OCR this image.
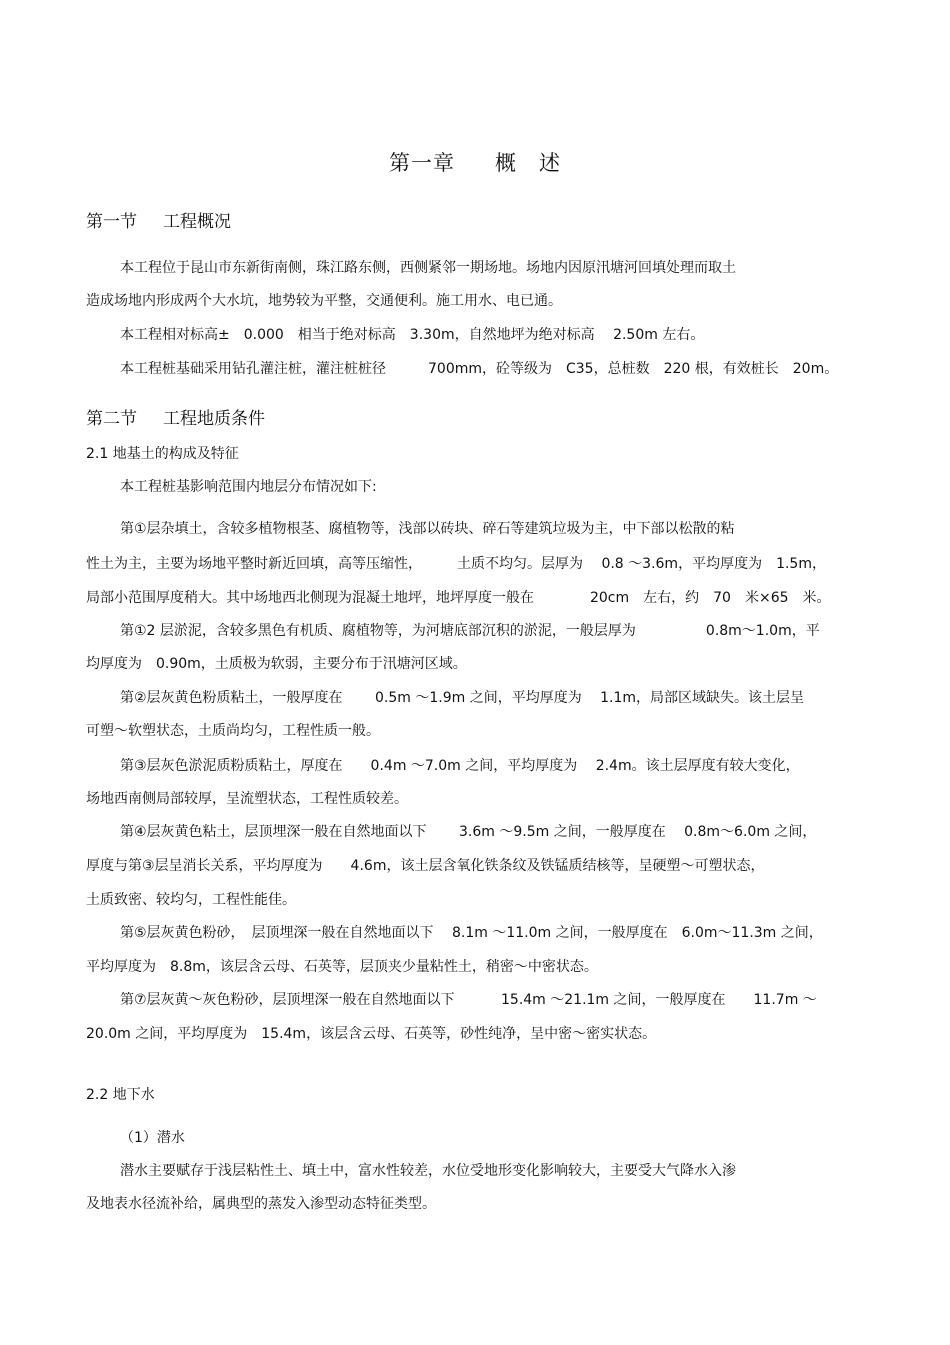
第一章 概　述
第一节 工程概况
本工程位于昆山市东新街南侧，珠江路东侧，西侧紧邻一期场地。场地内因原汛塘河回填处理而取土
造成场地内形成两个大水坑，地势较为平整，交通便利。施工用水、电已通。
本工程相对标高±　0.000　相当于绝对标高　3.30m，自然地坪为绝对标高　 2.50m 左右。
本工程桩基础采用钻孔灌注桩，灌注桩桩径　　　700mm，砼等级为　C35，总桩数　220 根，有效桩长　20m。
第二节 工程地质条件
2.1 地基土的构成及特征
本工程桩基影响范围内地层分布情况如下:
第①层杂填土，含较多植物根茎、腐植物等，浅部以砖块、碎石等建筑垃圾为主，中下部以松散的粘
性土为主，主要为场地平整时新近回填，高等压缩性，　　　土质不均匀。层厚为　 0.8 ～3.6m，平均厚度为　1.5m，
局部小范围厚度稍大。其中场地西北侧现为混凝土地坪，地坪厚度一般在　　　　20cm　左右，约　70　米×65　米。
第①2 层淤泥，含较多黑色有机质、腐植物等，为河塘底部沉积的淤泥，一般层厚为　　　　　0.8m～1.0m，平
均厚度为　0.90m，土质极为软弱，主要分布于汛塘河区域。
第②层灰黄色粉质粘土，一般厚度在　　 0.5m ～1.9m 之间，平均厚度为　 1.1m，局部区域缺失。该土层呈
可塑～软塑状态，土质尚均匀，工程性质一般。
第③层灰色淤泥质粉质粘土，厚度在　　0.4m ～7.0m 之间，平均厚度为　 2.4m。该土层厚度有较大变化，
场地西南侧局部较厚，呈流塑状态，工程性质较差。
第④层灰黄色粘土，层顶埋深一般在自然地面以下　　 3.6m ～9.5m 之间，一般厚度在　 0.8m～6.0m 之间，
厚度与第③层呈消长关系，平均厚度为　　4.6m，该土层含氧化铁条纹及铁锰质结核等，呈硬塑～可塑状态，
土质致密、较均匀，工程性能佳。
第⑤层灰黄色粉砂，　层顶埋深一般在自然地面以下　 8.1m ～11.0m 之间，一般厚度在　6.0m～11.3m 之间，
平均厚度为　8.8m，该层含云母、石英等，层顶夹少量粘性土，稍密～中密状态。
第⑦层灰黄～灰色粉砂，层顶埋深一般在自然地面以下　　　 15.4m ～21.1m 之间，一般厚度在　　11.7m ～
20.0m 之间，平均厚度为　15.4m，该层含云母、石英等，砂性纯净，呈中密～密实状态。
2.2 地下水
（1）潜水
潜水主要赋存于浅层粘性土、填土中，富水性较差，水位受地形变化影响较大，主要受大气降水入渗
及地表水径流补给，属典型的蒸发入渗型动态特征类型。
